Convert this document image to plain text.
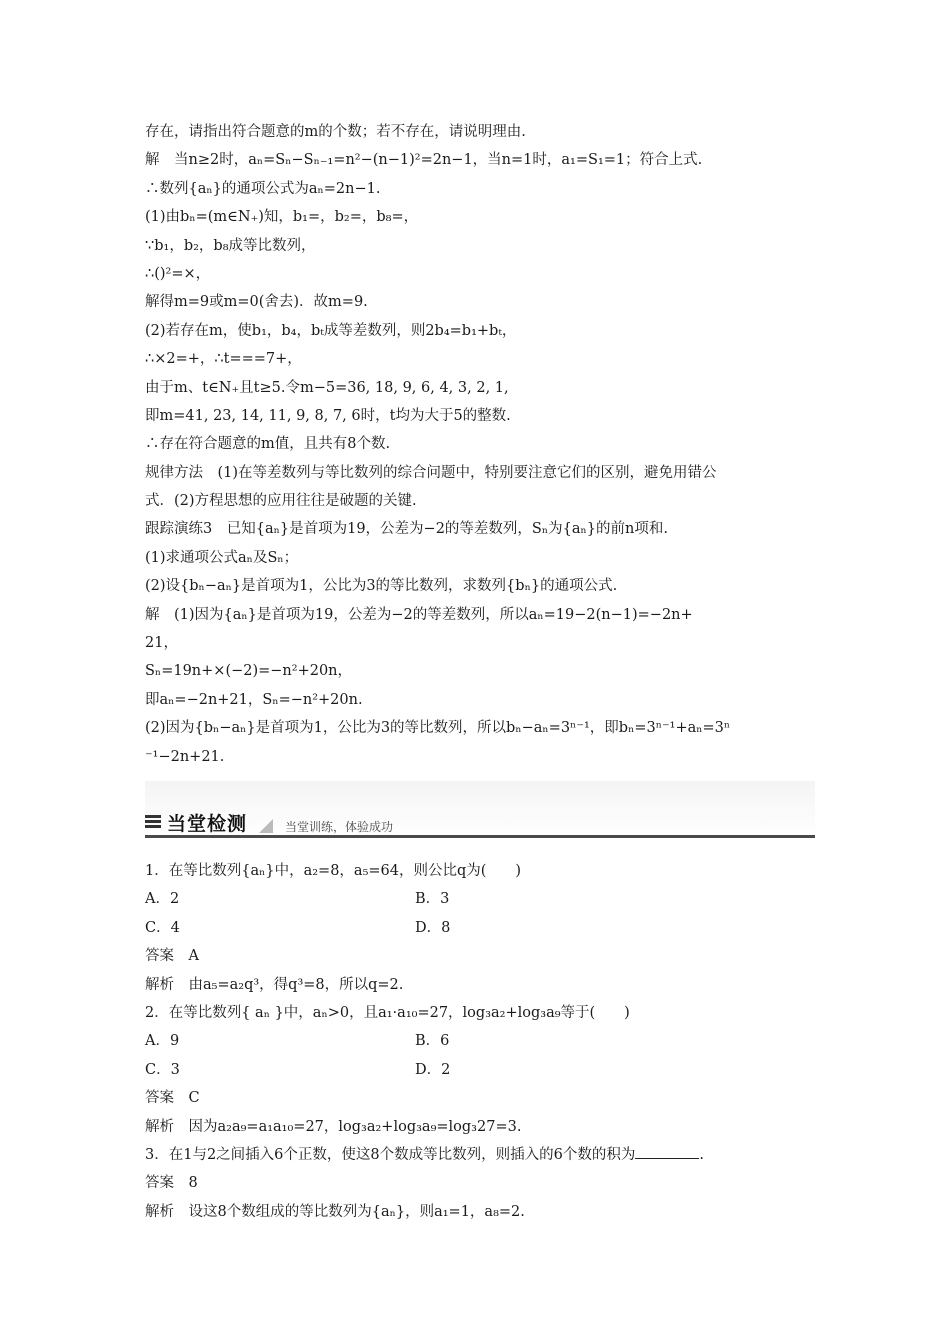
存在，请指出符合题意的m的个数；若不存在，请说明理由.
解　当n≥2时，aₙ=Sₙ−Sₙ₋₁=n²−(n−1)²=2n−1，当n=1时，a₁=S₁=1；符合上式.
∴数列{aₙ}的通项公式为aₙ=2n−1.
(1)由bₙ=(m∈N₊)知，b₁=，b₂=，b₈=，
∵b₁，b₂，b₈成等比数列，
∴()²=×，
解得m=9或m=0(舍去)．故m=9.
(2)若存在m，使b₁，b₄，bₜ成等差数列，则2b₄=b₁+bₜ，
∴×2=+，∴t===7+，
由于m、t∈N₊且t≥5.令m−5=36, 18, 9, 6, 4, 3, 2, 1,
即m=41, 23, 14, 11, 9, 8, 7, 6时，t均为大于5的整数.
∴存在符合题意的m值，且共有8个数.
规律方法　(1)在等差数列与等比数列的综合问题中，特别要注意它们的区别，避免用错公
式．(2)方程思想的应用往往是破题的关键.
跟踪演练3　已知{aₙ}是首项为19，公差为−2的等差数列，Sₙ为{aₙ}的前n项和.
(1)求通项公式aₙ及Sₙ；
(2)设{bₙ−aₙ}是首项为1，公比为3的等比数列，求数列{bₙ}的通项公式.
解　(1)因为{aₙ}是首项为19，公差为−2的等差数列，所以aₙ=19−2(n−1)=−2n+
21，
Sₙ=19n+×(−2)=−n²+20n，
即aₙ=−2n+21，Sₙ=−n²+20n.
(2)因为{bₙ−aₙ}是首项为1，公比为3的等比数列，所以bₙ−aₙ=3ⁿ⁻¹，即bₙ=3ⁿ⁻¹+aₙ=3ⁿ
⁻¹−2n+21.
当堂检测	当堂训练，体验成功
1．在等比数列{aₙ}中，a₂=8，a₅=64，则公比q为(　　)
A．2	B．3
C．4	D．8
答案　A
解析　由a₅=a₂q³，得q³=8，所以q=2.
2．在等比数列{ aₙ }中，aₙ>0，且a₁·a₁₀=27，log₃a₂+log₃a₉等于(　　)
A．9	B．6
C．3	D．2
答案　C
解析　因为a₂a₉=a₁a₁₀=27，log₃a₂+log₃a₉=log₃27=3.
3．在1与2之间插入6个正数，使这8个数成等比数列，则插入的6个数的积为	.
答案　8
解析　设这8个数组成的等比数列为{aₙ}，则a₁=1，a₈=2.
